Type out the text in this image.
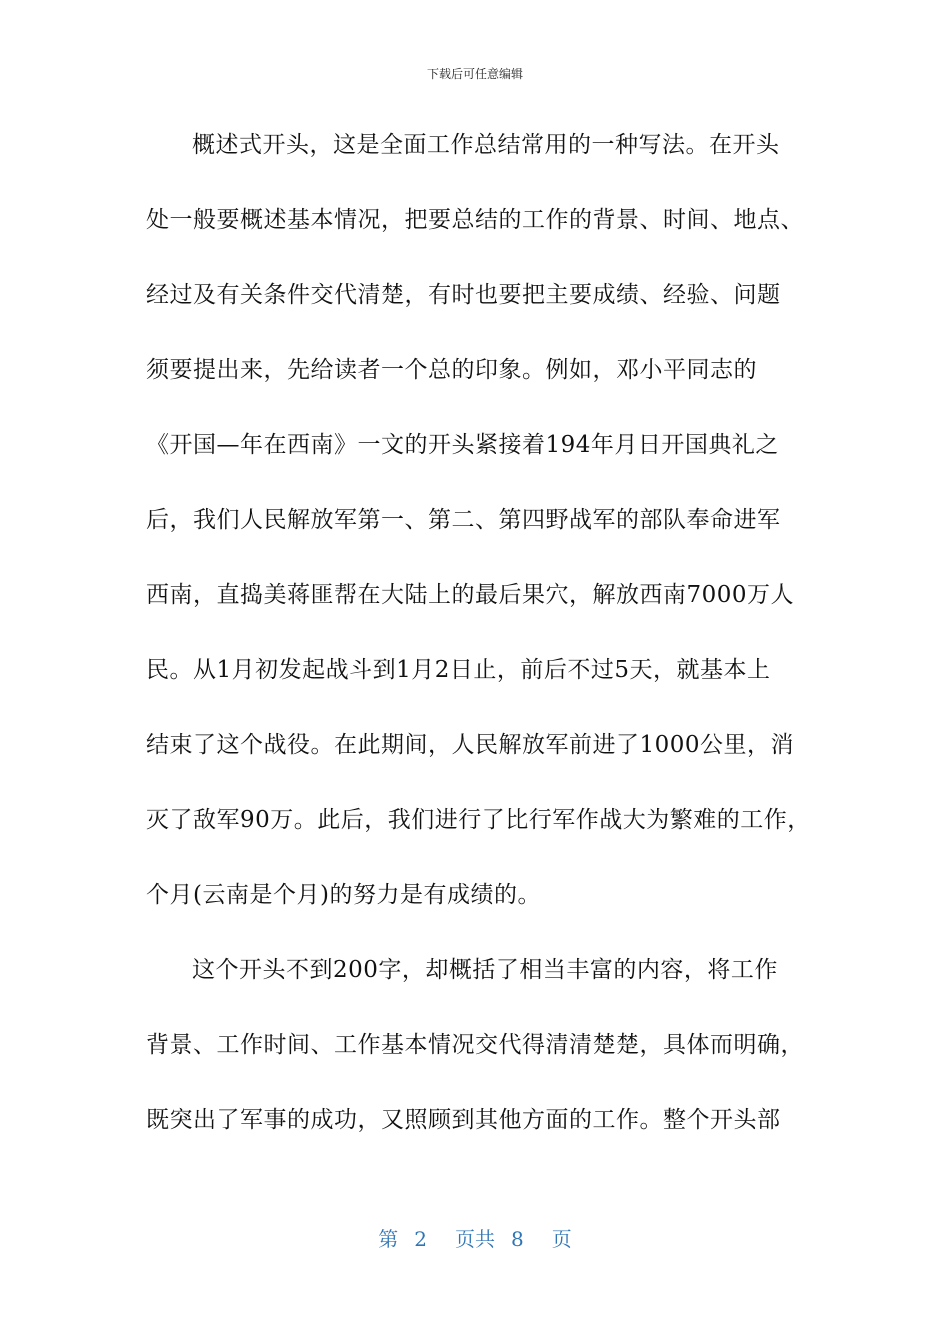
下载后可任意编辑
概述式开头，这是全面工作总结常用的一种写法。在开头
处一般要概述基本情况，把要总结的工作的背景、时间、地点、
经过及有关条件交代清楚，有时也要把主要成绩、经验、问题
须要提出来，先给读者一个总的印象。例如，邓小平同志的
《开国—年在西南》一文的开头紧接着194年月日开国典礼之
后，我们人民解放军第一、第二、第四野战军的部队奉命进军
西南，直捣美蒋匪帮在大陆上的最后果穴，解放西南7000万人
民。从1月初发起战斗到1月2日止，前后不过5天，就基本上
结束了这个战役。在此期间，人民解放军前进了1000公里，消
灭了敌军90万。此后，我们进行了比行军作战大为繁难的工作，
个月(云南是个月)的努力是有成绩的。
这个开头不到200字，却概括了相当丰富的内容，将工作
背景、工作时间、工作基本情况交代得清清楚楚，具体而明确，
既突出了军事的成功，又照顾到其他方面的工作。整个开头部
第 2 页共 8 页
